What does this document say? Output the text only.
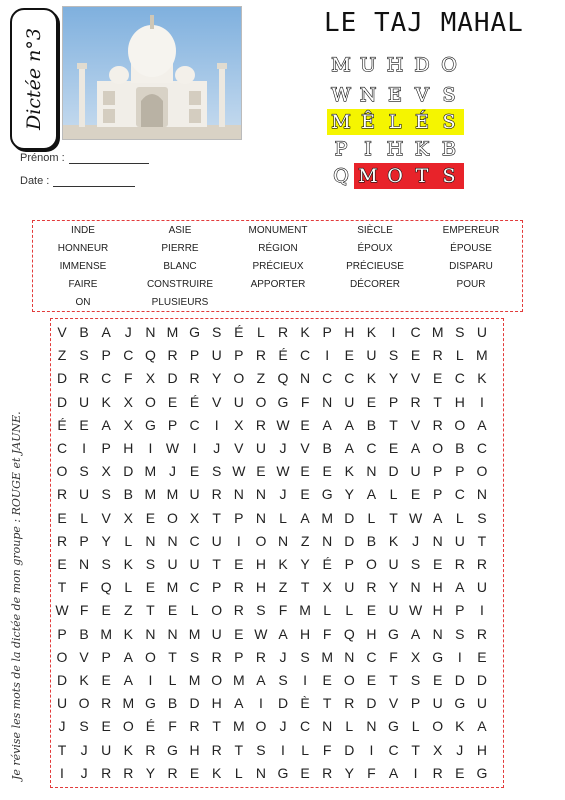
Dictée n°3
Prénom :
Date :
LE TAJ MAHAL
M U H D O
W N E V S
M Ê L É S
P I H K B
Q M O T S
INDE	ASIE	MONUMENT	SIÈCLE	EMPEREUR
HONNEUR	PIERRE	RÉGION	ÉPOUX	ÉPOUSE
IMMENSE	BLANC	PRÉCIEUX	PRÉCIEUSE	DISPARU
FAIRE	CONSTRUIRE	APPORTER	DÉCORER	POUR
ON	PLUSIEURS
Je révise les mots de la dictée de mon groupe : ROUGE et JAUNE.
V B A J N M G S É L R K P H K	I	C M S U
Z S P C Q R P U P R É C	I	E U S E R L M
D R C F X D R Y O Z Q N C C K Y V E C K
D U K X O E É V U O G F N U E P R T H	I
É E A X G P C	I	X R W E A A B T V R O A
C	I	P H	I W I	J V U J V B A C E A O B C
O S X D M J E S W E W E E K N D U P P O
R U S B M M U R N N J E G Y A L E P C N
E L V X E O X T P N L A M D L T W A L S
R P Y L N N C U	I	O N Z N D B K J N U T
E N S K S U U T E H K Y É P O U S E R R
T F Q L E M C P R H Z T X U R Y N H A U
W F E Z T E L O R S F M L	L E U W H P	I
P B M K N N M U E W A H F Q H G A N S R
O V P A O T S R P R J S M N C F X G	I	E
D K E A	I	L M O M A S	I	E O E T S E D D
U O R M G B D H A	I	D È T R D V P U G U
J S E O É F R T M O J C N L N G L O K A
T	J U K R G H R T S	I	L F D	I	C T X J H
I	J R R Y R E K L N G E R Y F A	I	R E G
